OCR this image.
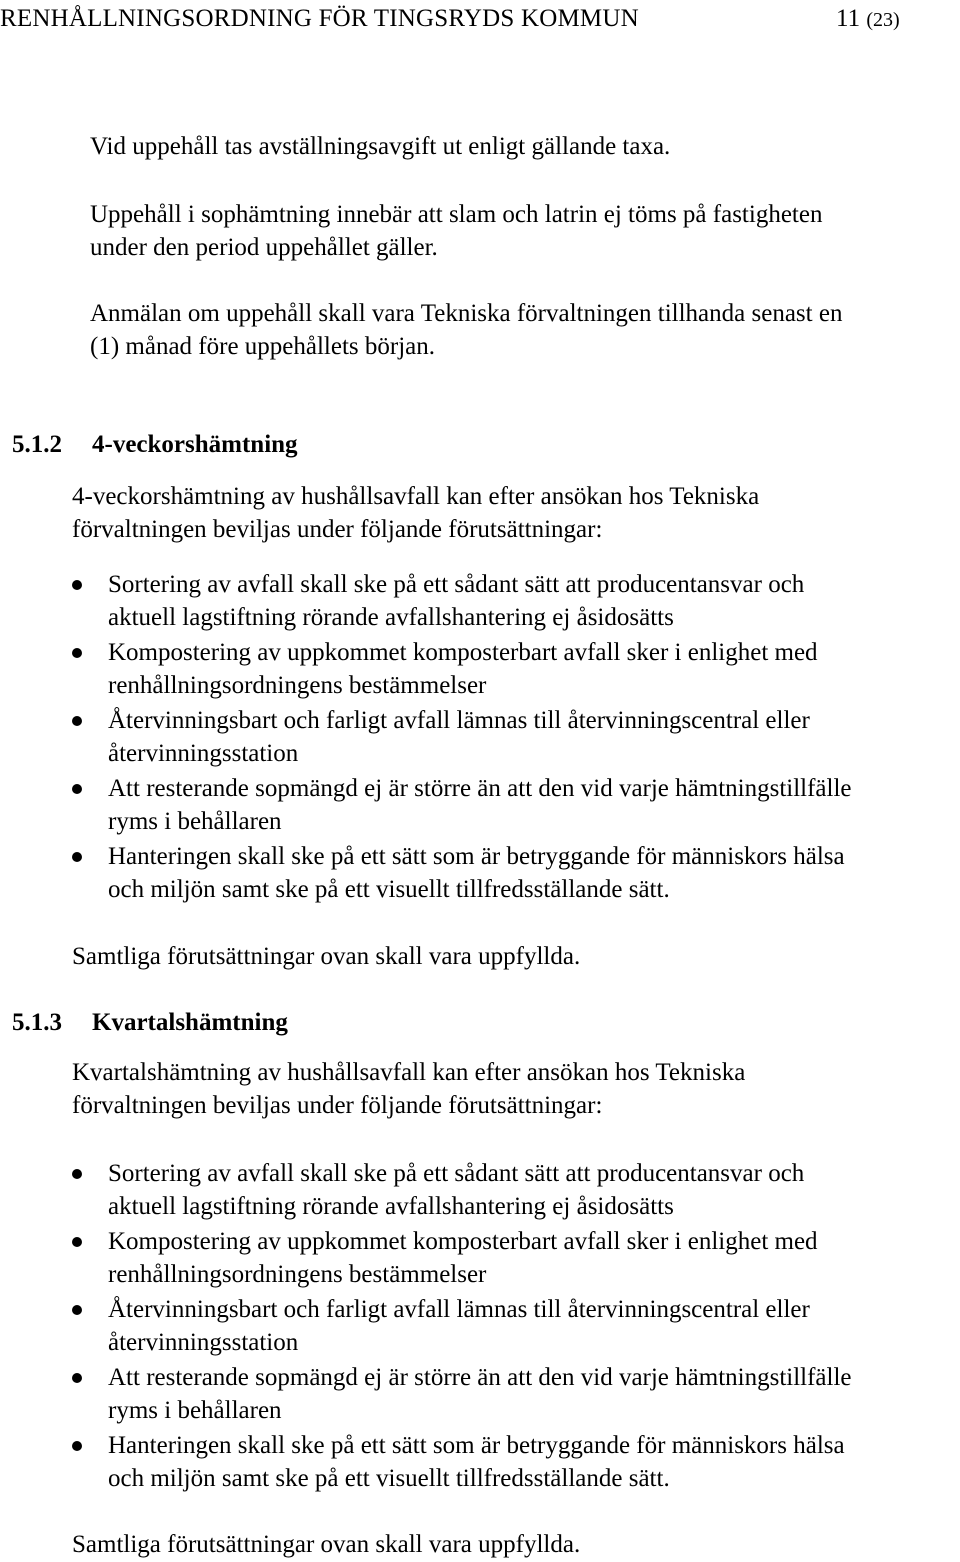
RENHÅLLNINGSORDNING FÖR TINGSRYDS KOMMUN	11 (23)

Vid uppehåll tas avställningsavgift ut enligt gällande taxa.

Uppehåll i sophämtning innebär att slam och latrin ej töms på fastigheten
under den period uppehållet gäller.

Anmälan om uppehåll skall vara Tekniska förvaltningen tillhanda senast en
(1) månad före uppehållets början.

5.1.2 4-veckorshämtning

4-veckorshämtning av hushållsavfall kan efter ansökan hos Tekniska
förvaltningen beviljas under följande förutsättningar:

Sortering av avfall skall ske på ett sådant sätt att producentansvar och
aktuell lagstiftning rörande avfallshantering ej åsidosätts
Kompostering av uppkommet komposterbart avfall sker i enlighet med
renhållningsordningens bestämmelser
Återvinningsbart och farligt avfall lämnas till återvinningscentral eller
återvinningsstation
Att resterande sopmängd ej är större än att den vid varje hämtningstillfälle
ryms i behållaren
Hanteringen skall ske på ett sätt som är betryggande för människors hälsa
och miljön samt ske på ett visuellt tillfredsställande sätt.

Samtliga förutsättningar ovan skall vara uppfyllda.

5.1.3 Kvartalshämtning

Kvartalshämtning av hushållsavfall kan efter ansökan hos Tekniska
förvaltningen beviljas under följande förutsättningar:

Sortering av avfall skall ske på ett sådant sätt att producentansvar och
aktuell lagstiftning rörande avfallshantering ej åsidosätts
Kompostering av uppkommet komposterbart avfall sker i enlighet med
renhållningsordningens bestämmelser
Återvinningsbart och farligt avfall lämnas till återvinningscentral eller
återvinningsstation
Att resterande sopmängd ej är större än att den vid varje hämtningstillfälle
ryms i behållaren
Hanteringen skall ske på ett sätt som är betryggande för människors hälsa
och miljön samt ske på ett visuellt tillfredsställande sätt.

Samtliga förutsättningar ovan skall vara uppfyllda.
